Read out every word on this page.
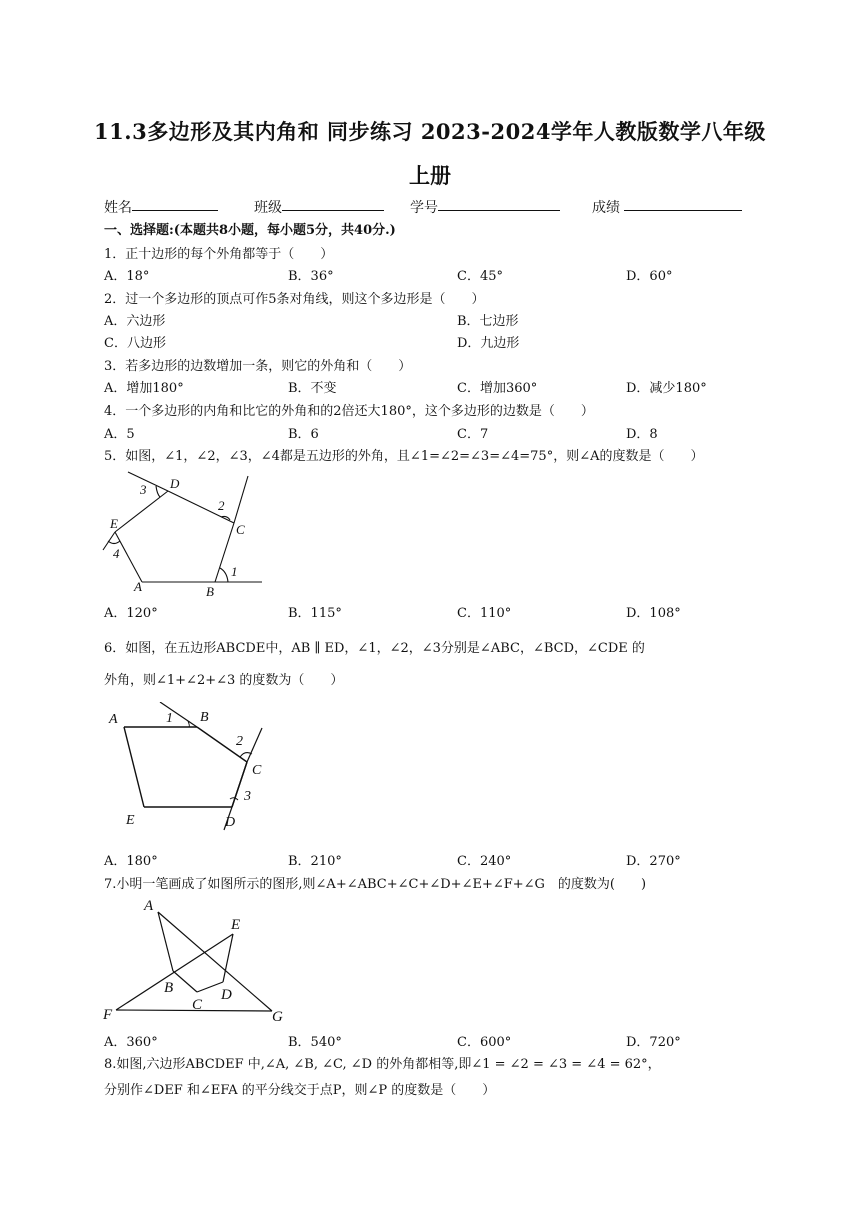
11.3多边形及其内角和 同步练习 2023-2024学年人教版数学八年级
上册
姓名	班级	学号	成绩
一、选择题:(本题共8小题，每小题5分，共40分.)
1．正十边形的每个外角都等于（　　）
A．18°	B．36°	C．45°	D．60°
2．过一个多边形的顶点可作5条对角线，则这个多边形是（　　）
A．六边形	B．七边形
C．八边形	D．九边形
3．若多边形的边数增加一条，则它的外角和（　　）
A．增加180°	B．不变	C．增加360°	D．减少180°
4．一个多边形的内角和比它的外角和的2倍还大180°，这个多边形的边数是（　　）
A．5	B．6	C．7	D．8
5．如图，∠1，∠2，∠3，∠4都是五边形的外角，且∠1=∠2=∠3=∠4=75°，则∠A的度数是（　　）
3 D
2
E	C
4
1
A	B
A．120°	B．115°	C．110°	D．108°
6．如图，在五边形ABCDE中，AB ∥ ED，∠1，∠2，∠3分别是∠ABC，∠BCD，∠CDE 的
外角，则∠1+∠2+∠3 的度数为（　　）
A	1 B
2
C
3
E	D
A．180°	B．210°	C．240°	D．270°
7.小明一笔画成了如图所示的图形,则∠A+∠ABC+∠C+∠D+∠E+∠F+∠G　的度数为(　　)
A
E
B	D
C
F	G
A．360°	B．540°	C．600°	D．720°
8.如图,六边形ABCDEF 中,∠A, ∠B, ∠C, ∠D 的外角都相等,即∠1 = ∠2 = ∠3 = ∠4 = 62°，
分别作∠DEF 和∠EFA 的平分线交于点P，则∠P 的度数是（　　）
